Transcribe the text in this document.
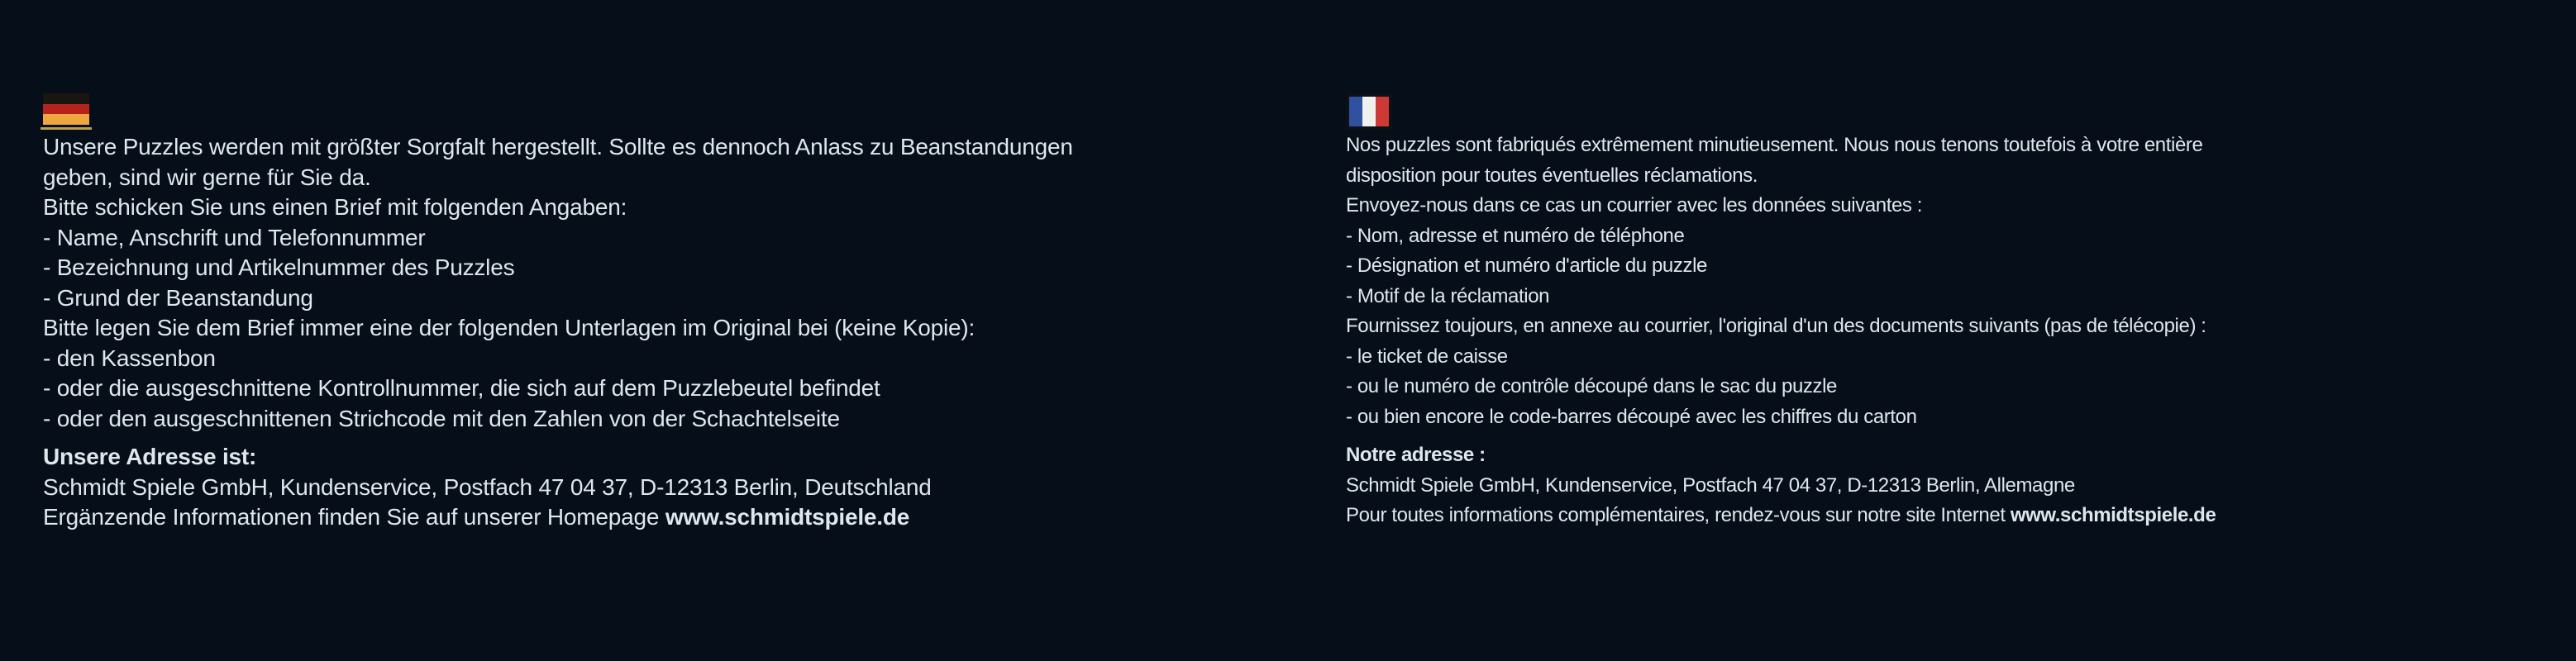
Unsere Puzzles werden mit größter Sorgfalt hergestellt. Sollte es dennoch Anlass zu Beanstandungen
geben, sind wir gerne für Sie da.
Bitte schicken Sie uns einen Brief mit folgenden Angaben:
- Name, Anschrift und Telefonnummer
- Bezeichnung und Artikelnummer des Puzzles
- Grund der Beanstandung
Bitte legen Sie dem Brief immer eine der folgenden Unterlagen im Original bei (keine Kopie):
- den Kassenbon
- oder die ausgeschnittene Kontrollnummer, die sich auf dem Puzzlebeutel befindet
- oder den ausgeschnittenen Strichcode mit den Zahlen von der Schachtelseite
Unsere Adresse ist:
Schmidt Spiele GmbH, Kundenservice, Postfach 47 04 37, D-12313 Berlin, Deutschland
Ergänzende Informationen finden Sie auf unserer Homepage www.schmidtspiele.de
Nos puzzles sont fabriqués extrêmement minutieusement. Nous nous tenons toutefois à votre entière
disposition pour toutes éventuelles réclamations.
Envoyez-nous dans ce cas un courrier avec les données suivantes :
- Nom, adresse et numéro de téléphone
- Désignation et numéro d'article du puzzle
- Motif de la réclamation
Fournissez toujours, en annexe au courrier, l'original d'un des documents suivants (pas de télécopie) :
- le ticket de caisse
- ou le numéro de contrôle découpé dans le sac du puzzle
- ou bien encore le code-barres découpé avec les chiffres du carton
Notre adresse :
Schmidt Spiele GmbH, Kundenservice, Postfach 47 04 37, D-12313 Berlin, Allemagne
Pour toutes informations complémentaires, rendez-vous sur notre site Internet www.schmidtspiele.de
